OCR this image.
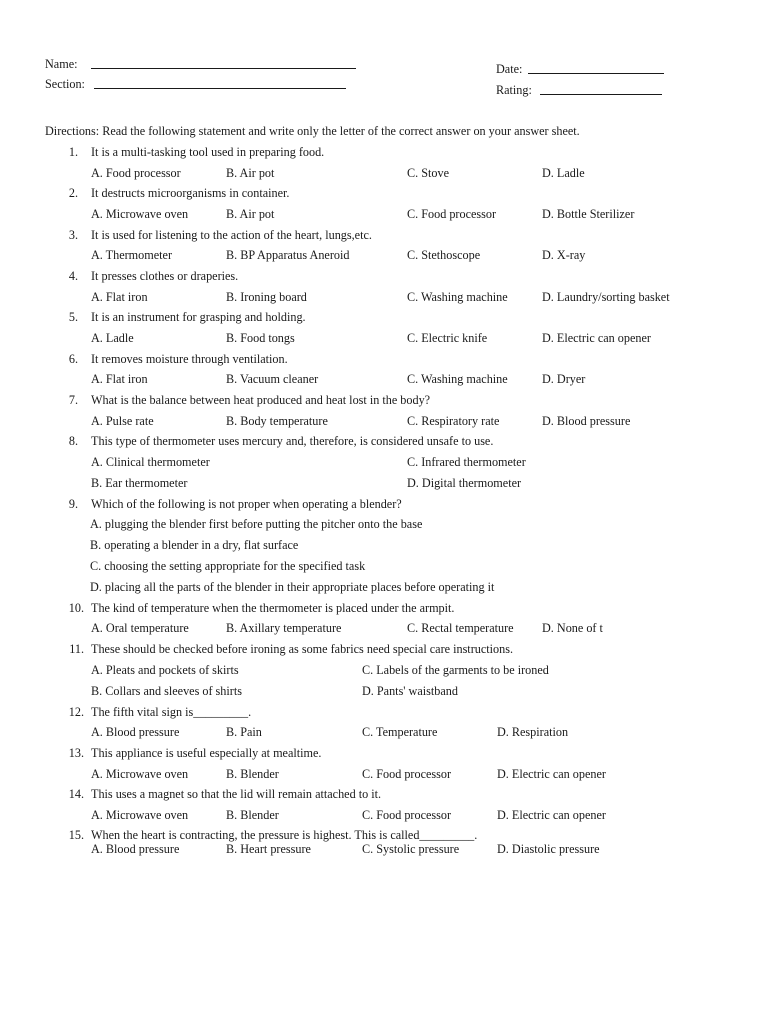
Name:
Section:
Date:
Rating:
Directions: Read the following statement and write only the letter of the correct answer on your answer sheet.
1. It is a multi-tasking tool used in preparing food.
A. Food processor	B. Air pot	C. Stove	D. Ladle
2. It destructs microorganisms in container.
A. Microwave oven	B. Air pot	C. Food processor	D. Bottle Sterilizer
3. It is used for listening to the action of the heart, lungs,etc.
A. Thermometer	B. BP Apparatus Aneroid	C. Stethoscope	D. X-ray
4. It presses clothes or draperies.
A. Flat iron	B. Ironing board	C. Washing machine	D. Laundry/sorting basket
5. It is an instrument for grasping and holding.
A. Ladle	B. Food tongs	C. Electric knife	D. Electric can opener
6. It removes moisture through ventilation.
A. Flat iron	B. Vacuum cleaner	C. Washing machine	D. Dryer
7. What is the balance between heat produced and heat lost in the body?
A. Pulse rate	B. Body temperature	C. Respiratory rate	D. Blood pressure
8. This type of thermometer uses mercury and, therefore, is considered unsafe to use.
A. Clinical thermometer	C. Infrared thermometer
B. Ear thermometer	D. Digital thermometer
9. Which of the following is not proper when operating a blender?
A. plugging the blender first before putting the pitcher onto the base
B. operating a blender in a dry, flat surface
C. choosing the setting appropriate for the specified task
D. placing all the parts of the blender in their appropriate places before operating it
10. The kind of temperature when the thermometer is placed under the armpit.
A. Oral temperature	B. Axillary temperature	C. Rectal temperature D. None of t
11. These should be checked before ironing as some fabrics need special care instructions.
A. Pleats and pockets of skirts	C. Labels of the garments to be ironed
B. Collars and sleeves of shirts	D. Pants' waistband
12. The fifth vital sign is_________.
A. Blood pressure	B. Pain	C. Temperature	D. Respiration
13. This appliance is useful especially at mealtime.
A. Microwave oven	B. Blender	C. Food processor	D. Electric can opener
14. This uses a magnet so that the lid will remain attached to it.
A. Microwave oven	B. Blender	C. Food processor	D. Electric can opener
15. When the heart is contracting, the pressure is highest. This is called_________.
A. Blood pressure	B. Heart pressure	C. Systolic pressure	D. Diastolic pressure
